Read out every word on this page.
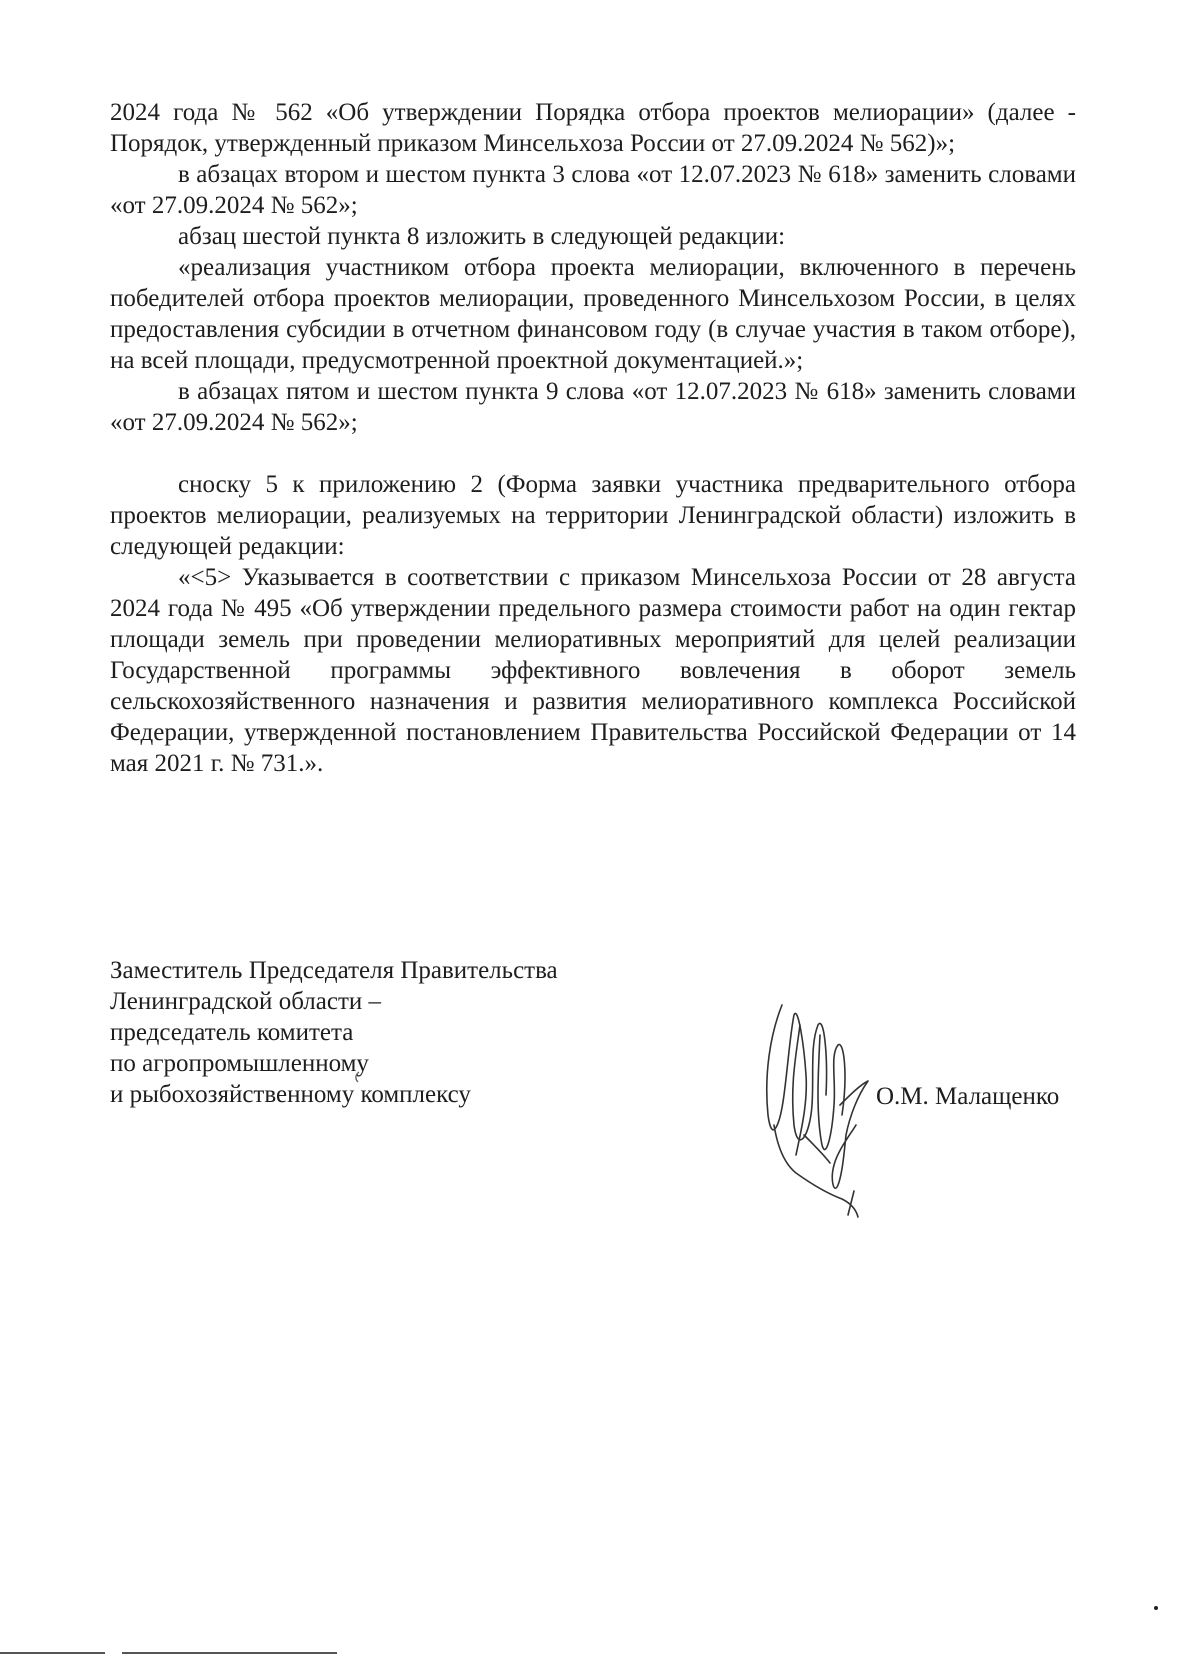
2024 года № 562 «Об утверждении Порядка отбора проектов мелиорации» (далее - Порядок, утвержденный приказом Минсельхоза России от 27.09.2024 № 562)»;

в абзацах втором и шестом пункта 3 слова «от 12.07.2023 № 618» заменить словами «от 27.09.2024 № 562»;

абзац шестой пункта 8 изложить в следующей редакции:

«реализация участником отбора проекта мелиорации, включенного в перечень победителей отбора проектов мелиорации, проведенного Минсельхозом России, в целях предоставления субсидии в отчетном финансовом году (в случае участия в таком отборе), на всей площади, предусмотренной проектной документацией.»;

в абзацах пятом и шестом пункта 9 слова «от 12.07.2023 № 618» заменить словами «от 27.09.2024 № 562»;

сноску 5 к приложению 2 (Форма заявки участника предварительного отбора проектов мелиорации, реализуемых на территории Ленинградской области) изложить в следующей редакции:

«<5> Указывается в соответствии с приказом Минсельхоза России от 28 августа 2024 года № 495 «Об утверждении предельного размера стоимости работ на один гектар площади земель при проведении мелиоративных мероприятий для целей реализации Государственной программы эффективного вовлечения в оборот земель сельскохозяйственного назначения и развития мелиоративного комплекса Российской Федерации, утвержденной постановлением Правительства Российской Федерации от 14 мая 2021 г. № 731.».

Заместитель Председателя Правительства
Ленинградской области –
председатель комитета
по агропромышленному
и рыбохозяйственному комплексу	О.М. Малащенко
